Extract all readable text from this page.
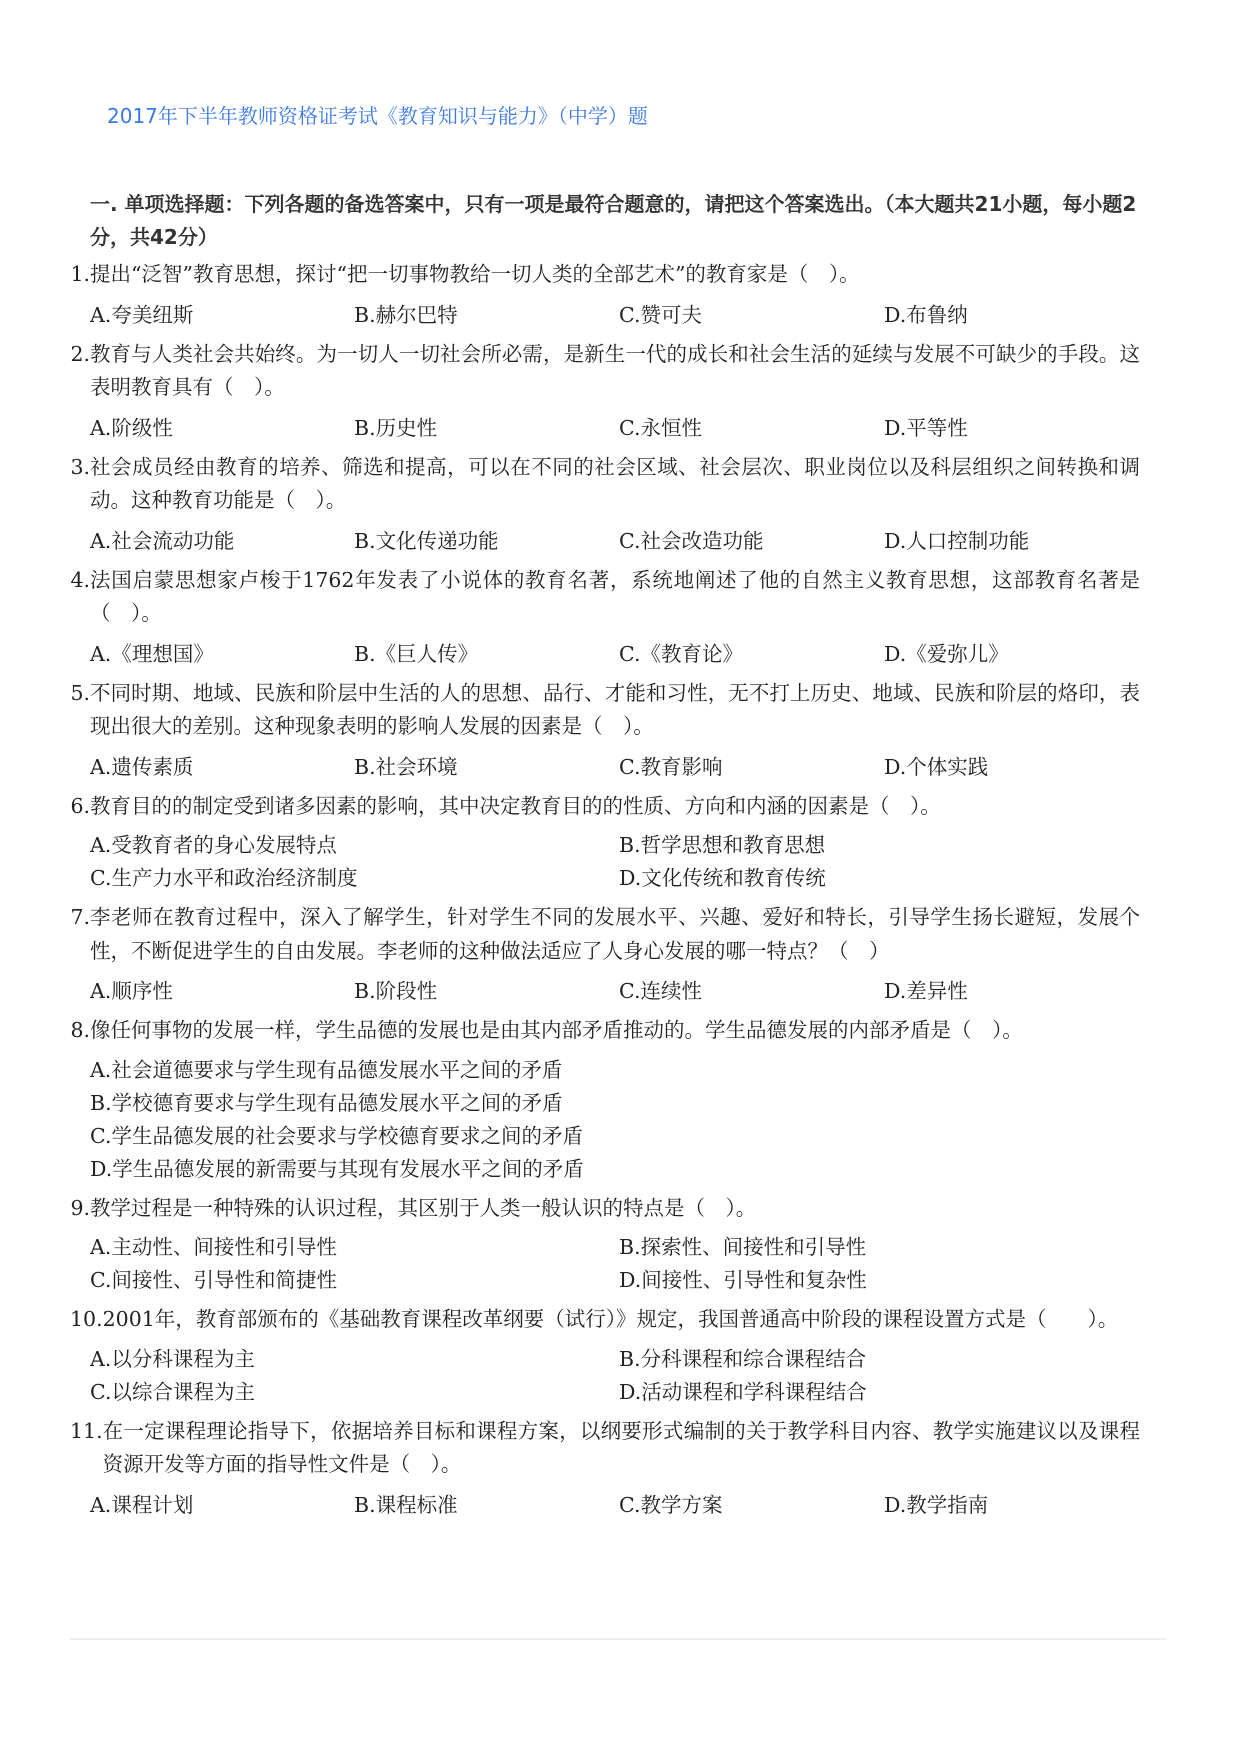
2017年下半年教师资格证考试《教育知识与能力》（中学）题
一. 单项选择题：下列各题的备选答案中，只有一项是最符合题意的，请把这个答案选出。（本大题共21小题，每小题2分，共42分）
1. 提出“泛智”教育思想，探讨“把一切事物教给一切人类的全部艺术”的教育家是（　）。
A.夸美纽斯	B.赫尔巴特	C.赞可夫	D.布鲁纳
2. 教育与人类社会共始终。为一切人一切社会所必需，是新生一代的成长和社会生活的延续与发展不可缺少的手段。这表明教育具有（　）。
A.阶级性	B.历史性	C.永恒性	D.平等性
3. 社会成员经由教育的培养、筛选和提高，可以在不同的社会区域、社会层次、职业岗位以及科层组织之间转换和调动。这种教育功能是（　）。
A.社会流动功能	B.文化传递功能	C.社会改造功能	D.人口控制功能
4. 法国启蒙思想家卢梭于1762年发表了小说体的教育名著，系统地阐述了他的自然主义教育思想，这部教育名著是（　）。
A.《理想国》	B.《巨人传》	C.《教育论》	D.《爱弥儿》
5. 不同时期、地域、民族和阶层中生活的人的思想、品行、才能和习性，无不打上历史、地域、民族和阶层的烙印，表现出很大的差别。这种现象表明的影响人发展的因素是（　）。
A.遗传素质	B.社会环境	C.教育影响	D.个体实践
6. 教育目的的制定受到诸多因素的影响，其中决定教育目的的性质、方向和内涵的因素是（　）。
A.受教育者的身心发展特点	B.哲学思想和教育思想
C.生产力水平和政治经济制度	D.文化传统和教育传统
7. 李老师在教育过程中，深入了解学生，针对学生不同的发展水平、兴趣、爱好和特长，引导学生扬长避短，发展个性，不断促进学生的自由发展。李老师的这种做法适应了人身心发展的哪一特点？（　）
A.顺序性	B.阶段性	C.连续性	D.差异性
8. 像任何事物的发展一样，学生品德的发展也是由其内部矛盾推动的。学生品德发展的内部矛盾是（　）。
A.社会道德要求与学生现有品德发展水平之间的矛盾
B.学校德育要求与学生现有品德发展水平之间的矛盾
C.学生品德发展的社会要求与学校德育要求之间的矛盾
D.学生品德发展的新需要与其现有发展水平之间的矛盾
9. 教学过程是一种特殊的认识过程，其区别于人类一般认识的特点是（　）。
A.主动性、间接性和引导性	B.探索性、间接性和引导性
C.间接性、引导性和简捷性	D.间接性、引导性和复杂性
10. 2001年，教育部颁布的《基础教育课程改革纲要（试行）》规定，我国普通高中阶段的课程设置方式是（　　）。
A.以分科课程为主	B.分科课程和综合课程结合
C.以综合课程为主	D.活动课程和学科课程结合
11. 在一定课程理论指导下，依据培养目标和课程方案，以纲要形式编制的关于教学科目内容、教学实施建议以及课程资源开发等方面的指导性文件是（　）。
A.课程计划	B.课程标准	C.教学方案	D.教学指南
